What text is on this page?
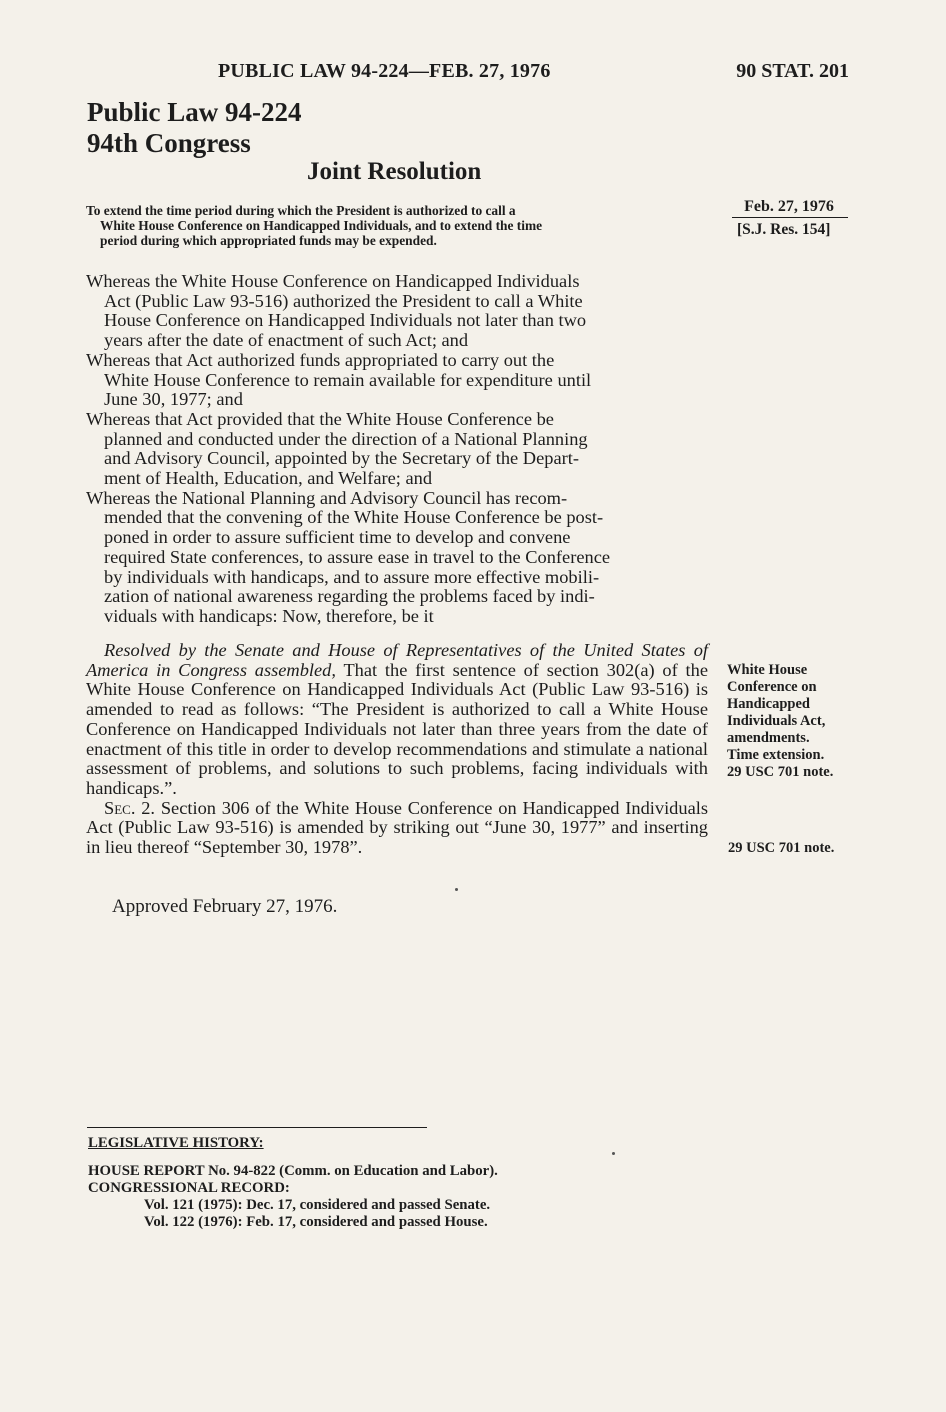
PUBLIC LAW 94-224—FEB. 27, 1976	90 STAT. 201
Public Law 94-224
94th Congress
Joint Resolution
To extend the time period during which the President is authorized to call a

White House Conference on Handicapped Individuals, and to extend the time
period during which appropriated funds may be expended.
Feb. 27, 1976
[S.J. Res. 154]
Whereas the White House Conference on Handicapped Individuals
Act (Public Law 93-516) authorized the President to call a White
House Conference on Handicapped Individuals not later than two
years after the date of enactment of such Act; and
Whereas that Act authorized funds appropriated to carry out the
White House Conference to remain available for expenditure until
June 30, 1977; and
Whereas that Act provided that the White House Conference be
planned and conducted under the direction of a National Planning
and Advisory Council, appointed by the Secretary of the Depart-
ment of Health, Education, and Welfare; and
Whereas the National Planning and Advisory Council has recom-
mended that the convening of the White House Conference be post-
poned in order to assure sufficient time to develop and convene
required State conferences, to assure ease in travel to the Conference
by individuals with handicaps, and to assure more effective mobili-
zation of national awareness regarding the problems faced by indi-
viduals with handicaps: Now, therefore, be it

Resolved by the Senate and House of Representatives of the United States of America in Congress assembled, That the first sentence of section 302(a) of the White House Conference on Handicapped Individuals Act (Public Law 93-516) is amended to read as follows: “The President is authorized to call a White House Conference on Handicapped Individuals not later than three years from the date of enactment of this title in order to develop recommendations and stimulate a national assessment of problems, and solutions to such problems, facing individuals with handicaps.”.

Sec. 2. Section 306 of the White House Conference on Handicapped Individuals Act (Public Law 93-516) is amended by striking out “June 30, 1977” and inserting in lieu thereof “September 30, 1978”.

White House
Conference on
Handicapped
Individuals Act,
amendments.
Time extension.
29 USC 701 note.
29 USC 701 note.
Approved February 27, 1976.
LEGISLATIVE HISTORY:
HOUSE REPORT No. 94-822 (Comm. on Education and Labor).
CONGRESSIONAL RECORD:
Vol. 121 (1975): Dec. 17, considered and passed Senate.
Vol. 122 (1976): Feb. 17, considered and passed House.
